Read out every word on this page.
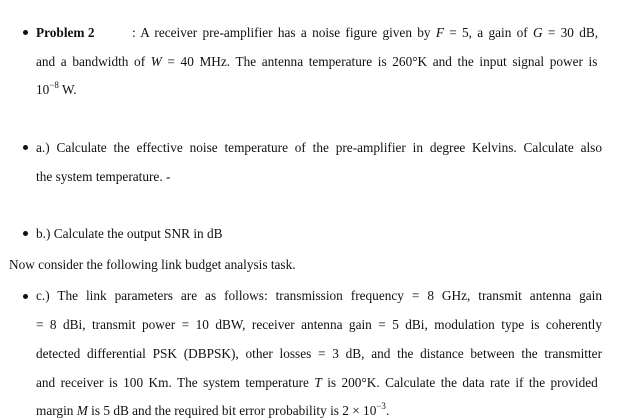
Problem 2	: A receiver pre-amplifier has a noise figure given by F = 5, a gain of G = 30 dB,
and a bandwidth of W = 40 MHz. The antenna temperature is 260°K and the input signal power is
$10^{-8}$ W.
a.) Calculate the effective noise temperature of the pre-amplifier in degree Kelvins. Calculate also
the system temperature. -
b.) Calculate the output SNR in dB
Now consider the following link budget analysis task.
c.) The link parameters are as follows: transmission frequency = 8 GHz, transmit antenna gain
= 8 dBi, transmit power = 10 dBW, receiver antenna gain = 5 dBi, modulation type is coherently
detected differential PSK (DBPSK), other losses = 3 dB, and the distance between the transmitter
and receiver is 100 Km. The system temperature T is 200°K. Calculate the data rate if the provided
margin M is 5 dB and the required bit error probability is $2 \times 10^{-3}$.
